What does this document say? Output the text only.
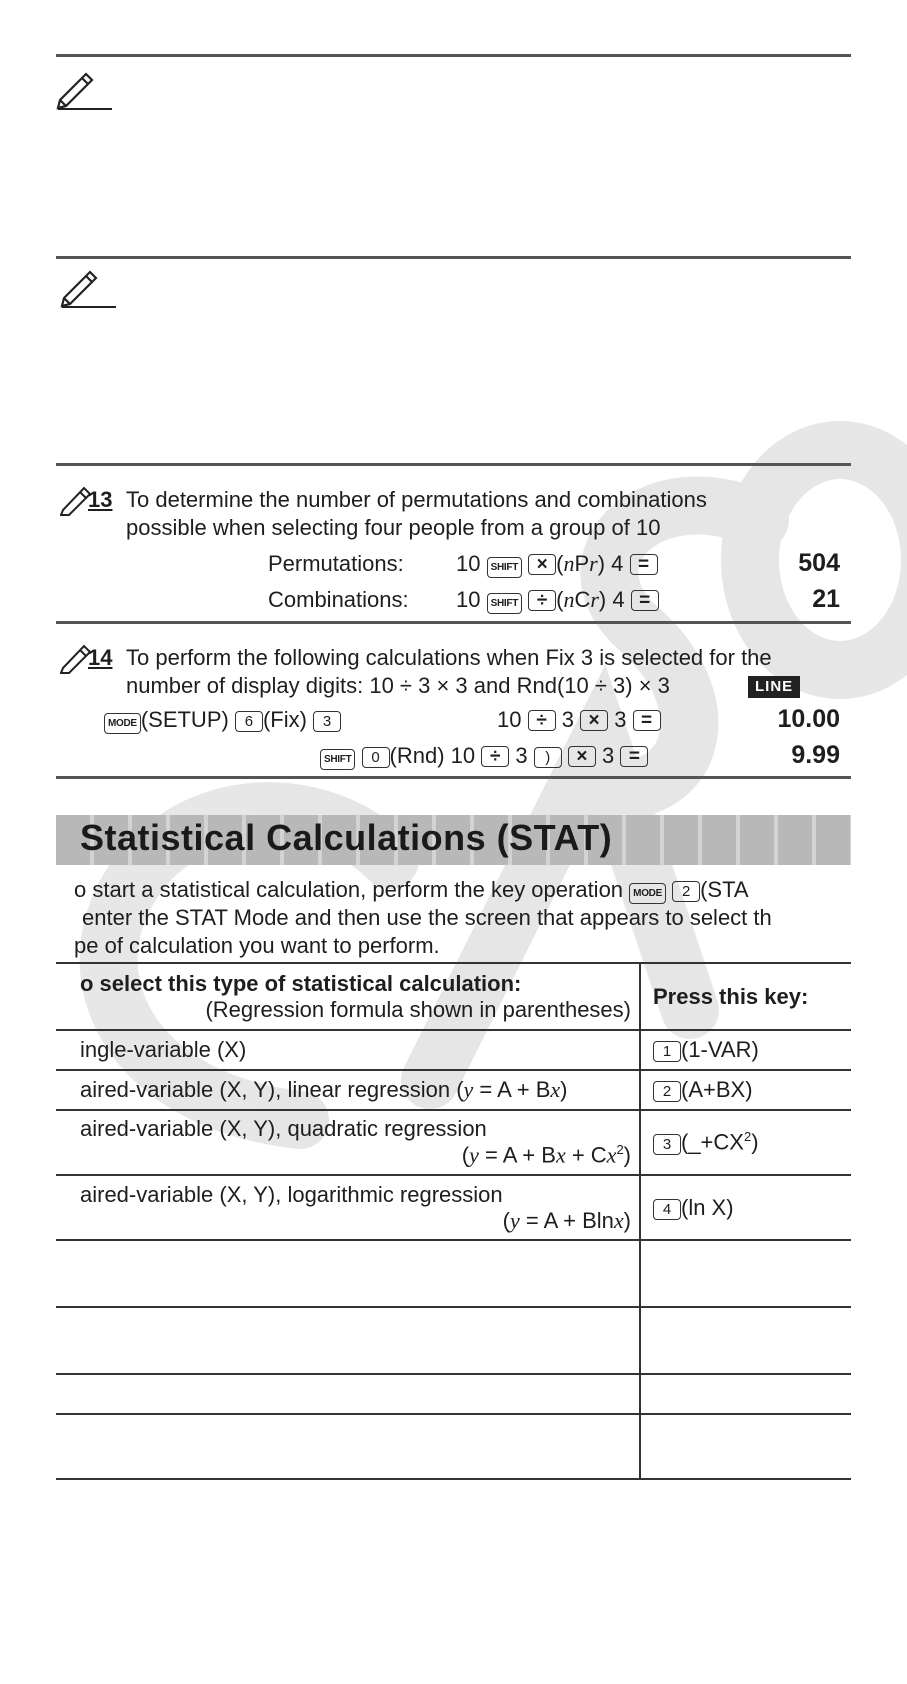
13 To determine the number of permutations and combinations
possible when selecting four people from a group of 10
Permutations: 10 SHIFT × (nPr) 4 =	504
Combinations: 10 SHIFT ÷ (nCr) 4 =	21
14 To perform the following calculations when Fix 3 is selected for the
number of display digits: 10 ÷ 3 × 3 and Rnd(10 ÷ 3) × 3	LINE
MODE (SETUP) 6 (Fix) 3	10 ÷ 3 × 3 =	10.00
SHIFT 0 (Rnd) 10 ÷ 3 ) × 3 =	9.99
Statistical Calculations (STAT)
o start a statistical calculation, perform the key operation MODE 2 (STA
enter the STAT Mode and then use the screen that appears to select th
pe of calculation you want to perform.
o select this type of statistical calculation:
(Regression formula shown in parentheses)	Press this key:
ingle-variable (X)	1 (1-VAR)
aired-variable (X, Y), linear regression (y = A + Bx)	2 (A+BX)

aired-variable (X, Y), quadratic regression
$(y = A + Bx + Cx^2)$	3 $(\_+CX^2)$

aired-variable (X, Y), logarithmic regression
(y = A + Blnx)	4 (ln X)
